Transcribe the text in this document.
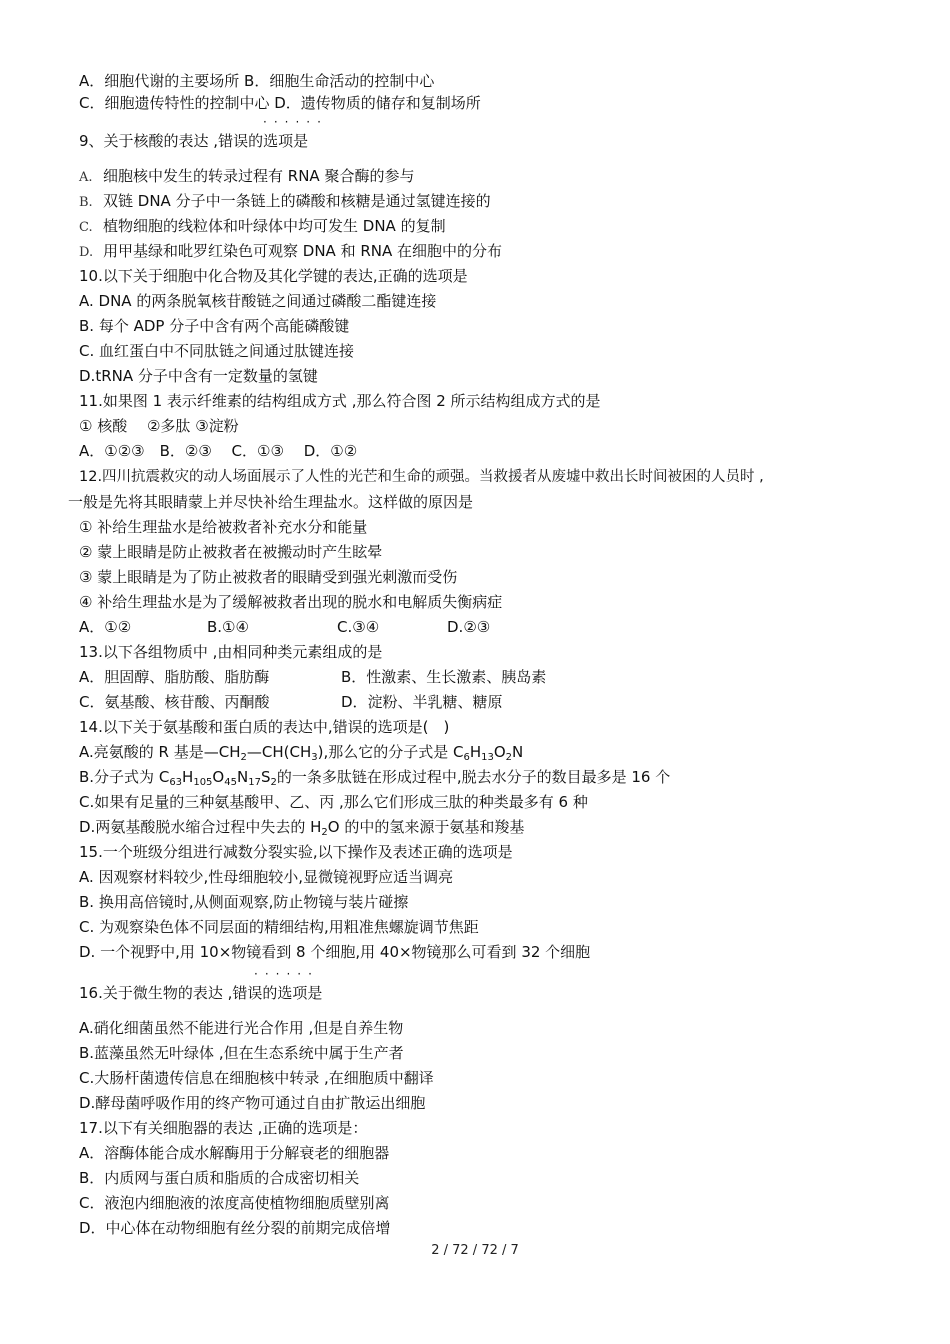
A．细胞代谢的主要场所 B．细胞生命活动的控制中心
C．细胞遗传特性的控制中心 D．遗传物质的储存和复制场所
······
9、关于核酸的表达 ,错误的选项是
A. 细胞核中发生的转录过程有 RNA 聚合酶的参与
B. 双链 DNA 分子中一条链上的磷酸和核糖是通过氢键连接的
C. 植物细胞的线粒体和叶绿体中均可发生 DNA 的复制
D. 用甲基绿和吡罗红染色可观察 DNA 和 RNA 在细胞中的分布
10.以下关于细胞中化合物及其化学键的表达,正确的选项是
A. DNA 的两条脱氧核苷酸链之间通过磷酸二酯键连接
B. 每个 ADP 分子中含有两个高能磷酸键
C. 血红蛋白中不同肽链之间通过肽键连接
D.tRNA 分子中含有一定数量的氢键
11.如果图 1 表示纤维素的结构组成方式 ,那么符合图 2 所示结构组成方式的是
① 核酸　 ②多肽 ③淀粉
A．①②③　B．②③　 C．①③　 D．①②
12.四川抗震救灾的动人场面展示了人性的光芒和生命的顽强。当救援者从废墟中救出长时间被困的人员时 ,
一般是先将其眼睛蒙上并尽快补给生理盐水。这样做的原因是
① 补给生理盐水是给被救者补充水分和能量
② 蒙上眼睛是防止被救者在被搬动时产生眩晕
③ 蒙上眼睛是为了防止被救者的眼睛受到强光刺激而受伤
④ 补给生理盐水是为了缓解被救者出现的脱水和电解质失衡病症
A．①②	B.①④	C.③④	D.②③
13.以下各组物质中 ,由相同种类元素组成的是
A．胆固醇、脂肪酸、脂肪酶	B．性激素、生长激素、胰岛素
C．氨基酸、核苷酸、丙酮酸	D．淀粉、半乳糖、糖原
14.以下关于氨基酸和蛋白质的表达中,错误的选项是(　)
A.亮氨酸的 R 基是$—CH_2—CH(CH_3)$,那么它的分子式是 $C_6H_{13}O_2N$
B.分子式为 $C_{63}H_{105}O_{45}N_{17}S_2$的一条多肽链在形成过程中,脱去水分子的数目最多是 16 个
C.如果有足量的三种氨基酸甲、乙、丙 ,那么它们形成三肽的种类最多有 6 种
D.两氨基酸脱水缩合过程中失去的 $H_2O$ 的中的氢来源于氨基和羧基
15.一个班级分组进行减数分裂实验,以下操作及表述正确的选项是
A. 因观察材料较少,性母细胞较小,显微镜视野应适当调亮
B. 换用高倍镜时,从侧面观察,防止物镜与装片碰擦
C. 为观察染色体不同层面的精细结构,用粗准焦螺旋调节焦距
D. 一个视野中,用 10×物镜看到 8 个细胞,用 40×物镜那么可看到 32 个细胞
······
16.关于微生物的表达 ,错误的选项是
A.硝化细菌虽然不能进行光合作用 ,但是自养生物
B.蓝藻虽然无叶绿体 ,但在生态系统中属于生产者
C.大肠杆菌遗传信息在细胞核中转录 ,在细胞质中翻译
D.酵母菌呼吸作用的终产物可通过自由扩散运出细胞
17.以下有关细胞器的表达 ,正确的选项是：
A．溶酶体能合成水解酶用于分解衰老的细胞器
B．内质网与蛋白质和脂质的合成密切相关
C．液泡内细胞液的浓度高使植物细胞质壁别离
D．中心体在动物细胞有丝分裂的前期完成倍增
2 / 72 / 72 / 7
